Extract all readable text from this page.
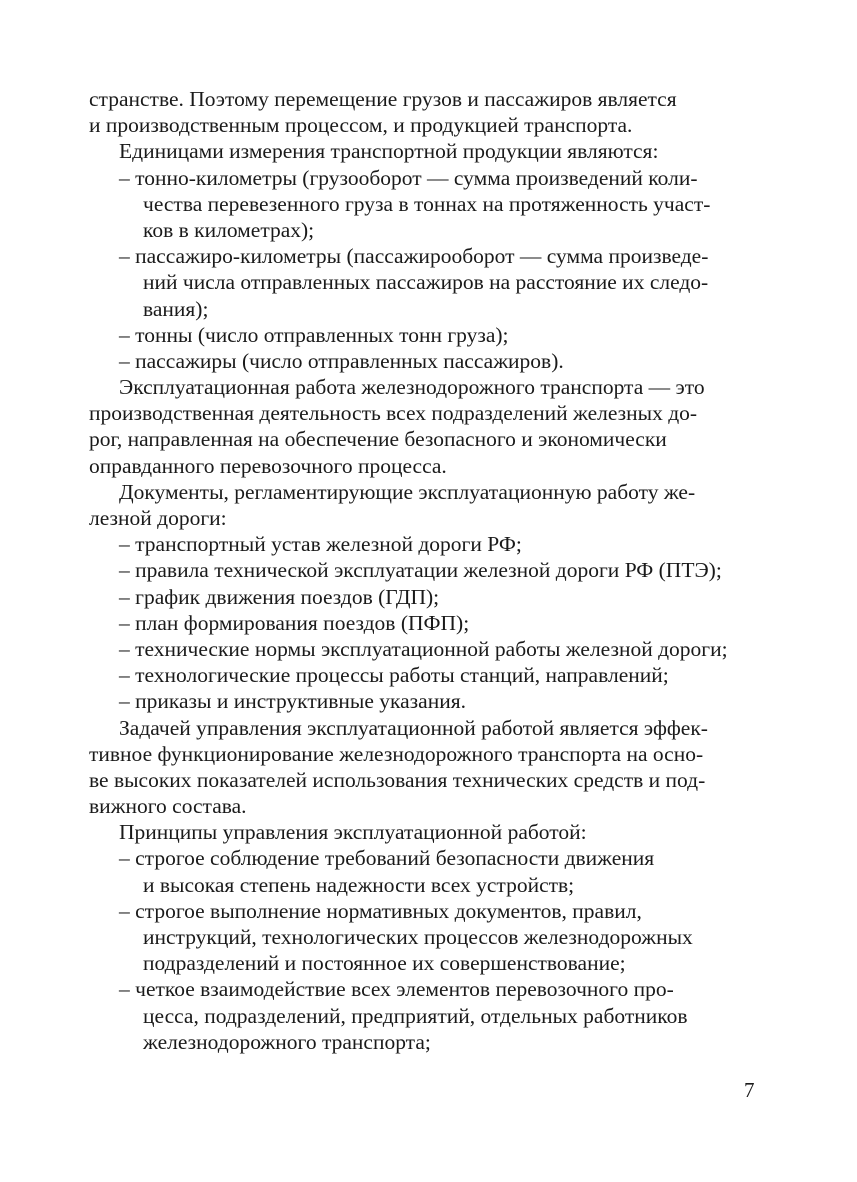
странстве. Поэтому перемещение грузов и пассажиров является
и производственным процессом, и продукцией транспорта.
Единицами измерения транспортной продукции являются:
– тонно-километры (грузооборот — сумма произведений коли-
чества перевезенного груза в тоннах на протяженность участ-
ков в километрах);
– пассажиро-километры (пассажирооборот — сумма произведе-
ний числа отправленных пассажиров на расстояние их следо-
вания);
– тонны (число отправленных тонн груза);
– пассажиры (число отправленных пассажиров).
Эксплуатационная работа железнодорожного транспорта — это
производственная деятельность всех подразделений железных до-
рог, направленная на обеспечение безопасного и экономически
оправданного перевозочного процесса.
Документы, регламентирующие эксплуатационную работу же-
лезной дороги:
– транспортный устав железной дороги РФ;
– правила технической эксплуатации железной дороги РФ (ПТЭ);
– график движения поездов (ГДП);
– план формирования поездов (ПФП);
– технические нормы эксплуатационной работы железной дороги;
– технологические процессы работы станций, направлений;
– приказы и инструктивные указания.
Задачей управления эксплуатационной работой является эффек-
тивное функционирование железнодорожного транспорта на осно-
ве высоких показателей использования технических средств и под-
вижного состава.
Принципы управления эксплуатационной работой:
– строгое соблюдение требований безопасности движения
и высокая степень надежности всех устройств;
– строгое выполнение нормативных документов, правил,
инструкций, технологических процессов железнодорожных
подразделений и постоянное их совершенствование;
– четкое взаимодействие всех элементов перевозочного про-
цесса, подразделений, предприятий, отдельных работников
железнодорожного транспорта;
7
